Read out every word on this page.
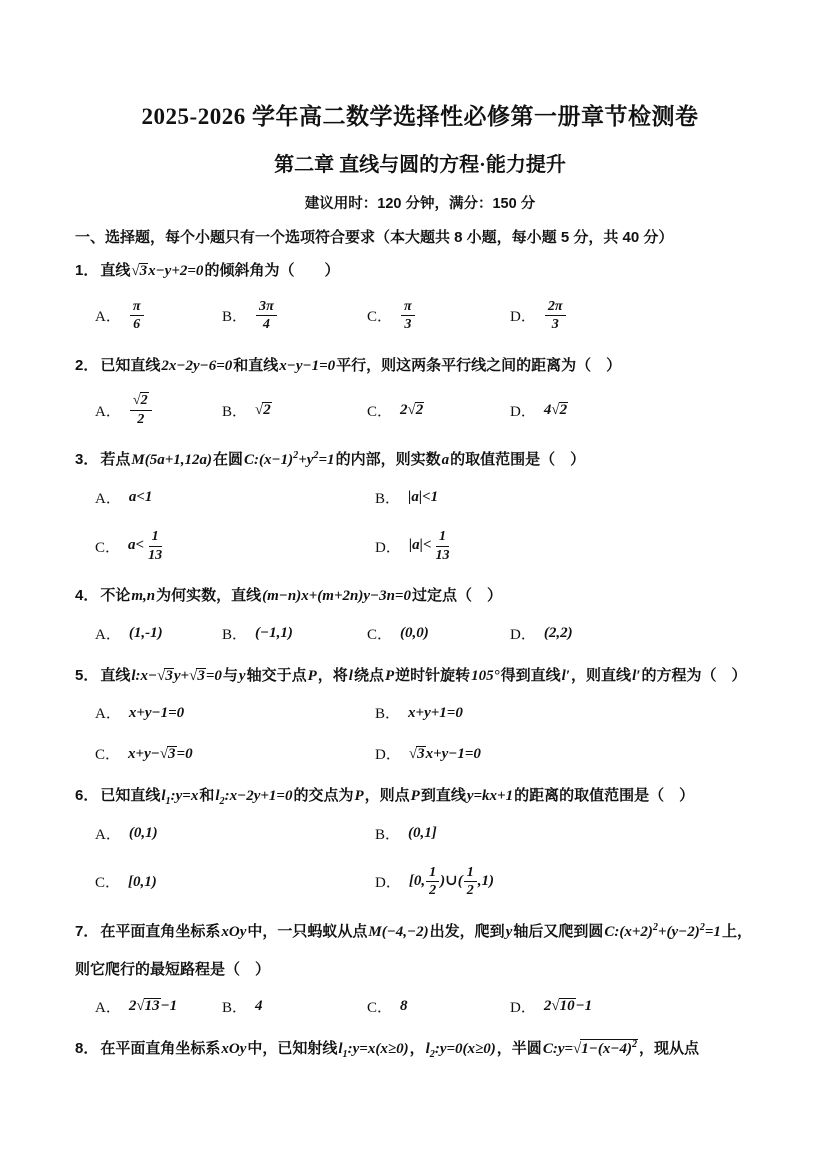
2025-2026 学年高二数学选择性必修第一册章节检测卷
第二章 直线与圆的方程·能力提升

建议用时：120 分钟，满分：150 分

一、选择题，每个小题只有一个选项符合要求（本大题共 8 小题，每小题 5 分，共 40 分）

1． 直线√3x−y+2=0的倾斜角为（　　）

A． $\frac{\pi}{6}$	B． $\frac{3\pi}{4}$	C． $\frac{\pi}{3}$	D． $\frac{2\pi}{3}$

2． 已知直线2x−2y−6=0和直线x−y−1=0平行，则这两条平行线之间的距离为（　）

A． $\frac{√2}{2}$	B． √2	C． 2√2	D． 4√2

3． 若点M(5a+1,12a)在圆$C:(x-1)^2+y^2=1$的内部，则实数a的取值范围是（　）

A． a<1	B． |a|<1
C． $a< \frac{1}{13}$	D． $|a|< \frac{1}{13}$

4． 不论m,n为何实数，直线(m−n)x+(m+2n)y−3n=0过定点（　）

A． (1,-1)	B． (−1,1)	C． (0,0)	D． (2,2)

5． 直线l:x−√3y+√3=0与y轴交于点P，将l绕点P逆时针旋转105°得到直线l′，则直线l′的方程为（　）

A． x+y−1=0	B． x+y+1=0
C． x+y−√3=0	D． √3x+y−1=0

6． 已知直线$l_1:y=x$和$l_2:x-2y+1=0$的交点为P，则点P到直线y=kx+1的距离的取值范围是（　）

A． (0,1)	B． (0,1]
C． [0,1)	D． [0, $\frac{1}{2}$ )∪( $\frac{1}{2} ,1$)

7． 在平面直角坐标系xOy中，一只蚂蚁从点M(−4,−2)出发，爬到y轴后又爬到圆$C:(x+2)^2+(y-2)^2=1$上，则它爬行的最短路程是（　）

A． 2√13−1	B． 4	C． 8	D． 2√10−1

8． 在平面直角坐标系xOy中，已知射线$l_1:y=x(x\ge 0)$，$l_2:y=0(x\ge 0)$，半圆$C:y=√1-(x-4)^2$ ，现从点
